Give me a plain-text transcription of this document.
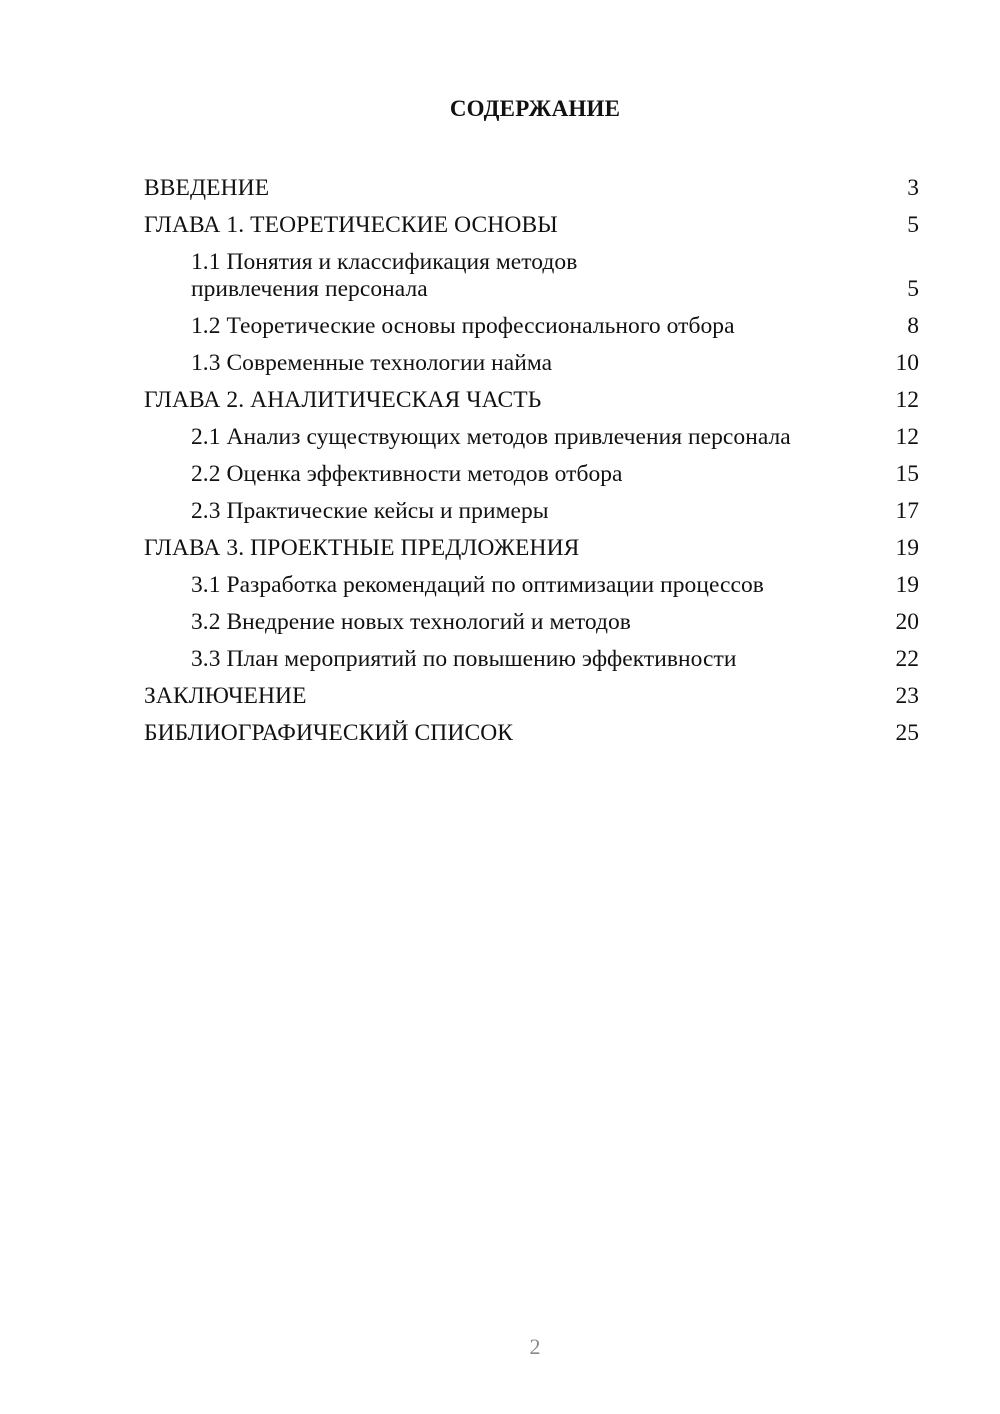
СОДЕРЖАНИЕ
ВВЕДЕНИЕ	3
ГЛАВА 1. ТЕОРЕТИЧЕСКИЕ ОСНОВЫ	5
1.1 Понятия и классификация методов привлечения персонала	5
1.2 Теоретические основы профессионального отбора	8
1.3 Современные технологии найма	10
ГЛАВА 2. АНАЛИТИЧЕСКАЯ ЧАСТЬ	12
2.1 Анализ существующих методов привлечения персонала	12
2.2 Оценка эффективности методов отбора	15
2.3 Практические кейсы и примеры	17
ГЛАВА 3. ПРОЕКТНЫЕ ПРЕДЛОЖЕНИЯ	19
3.1 Разработка рекомендаций по оптимизации процессов	19
3.2 Внедрение новых технологий и методов	20
3.3 План мероприятий по повышению эффективности	22
ЗАКЛЮЧЕНИЕ	23
БИБЛИОГРАФИЧЕСКИЙ СПИСОК	25
2
